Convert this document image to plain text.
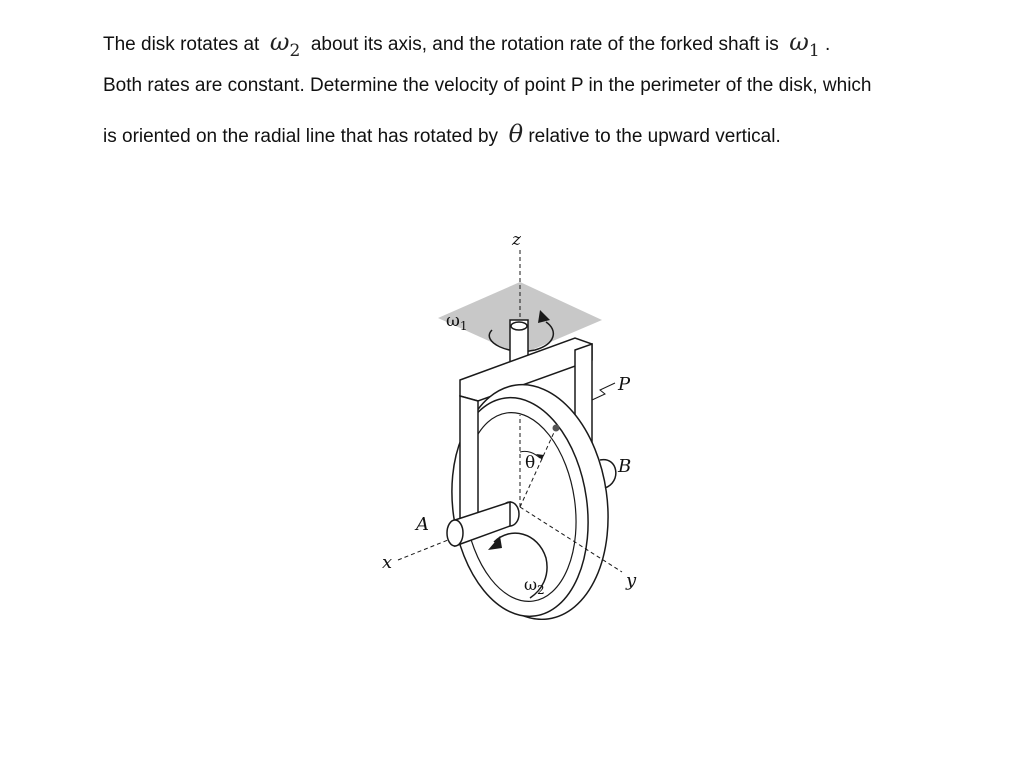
The disk rotates at $\omega_2$ about its axis, and the rotation rate of the forked shaft is $\omega_1$ .
Both rates are constant. Determine the velocity of point P in the perimeter of the disk, which
is oriented on the radial line that has rotated by θ relative to the upward vertical.
z
$\omega_1$
B
A
x
y
θ
P
$\omega_2$
